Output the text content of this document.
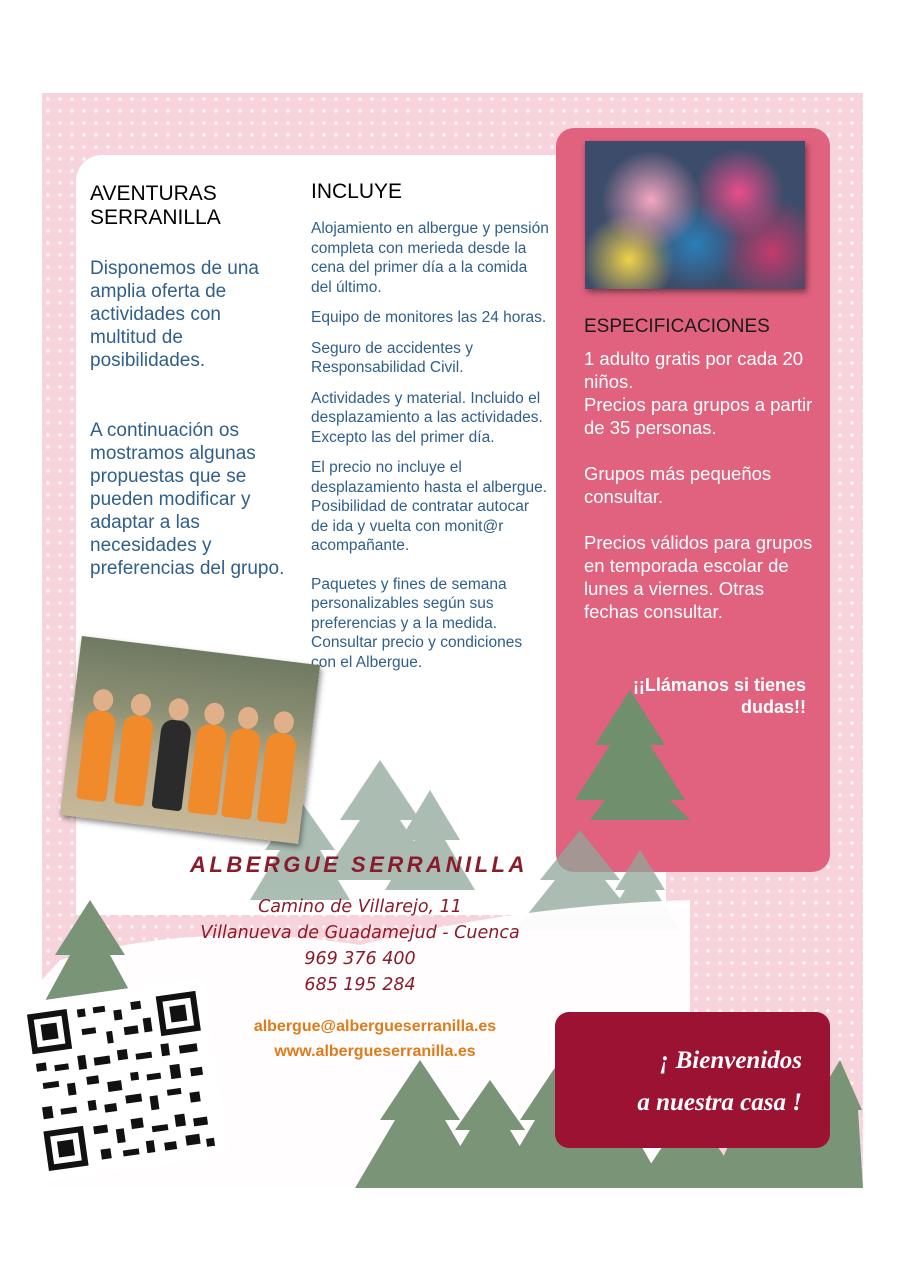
AVENTURAS
SERRANILLA

Disponemos de una amplia oferta de actividades con multitud de posibilidades.

A continuación os mostramos algunas propuestas que se pueden modificar y adaptar a las necesidades y preferencias del grupo.

INCLUYE

Alojamiento en albergue y pensión completa con merieda desde la cena del primer día a la comida del último.

Equipo de monitores las 24 horas.

Seguro de accidentes y Responsabilidad Civil.

Actividades y material. Incluido el desplazamiento a las actividades. Excepto las del primer día.

El precio no incluye el desplazamiento hasta el albergue. Posibilidad de contratar autocar de ida y vuelta con monit@r acompañante.

Paquetes y fines de semana personalizables según sus preferencias y a la medida. Consultar precio y condiciones con el Albergue.

ESPECIFICACIONES

1 adulto gratis por cada 20 niños.
Precios para grupos a partir de 35 personas.

Grupos más pequeños consultar.

Precios válidos para grupos en temporada escolar de lunes a viernes. Otras fechas consultar.

¡¡Llámanos si tienes dudas!!
ALBERGUE SERRANILLA
Camino de Villarejo, 11
Villanueva de Guadamejud - Cuenca
969 376 400
685 195 284
albergue@albergueserranilla.es
www.albergueserranilla.es	¡ Bienvenidos
a nuestra casa !
